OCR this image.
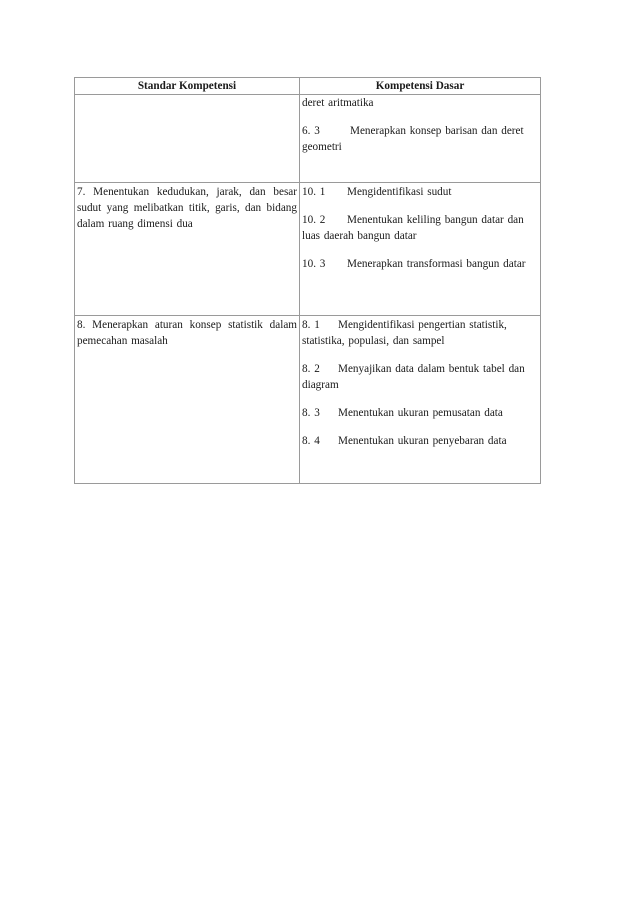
Standar Kompetensi	Kompetensi Dasar

	deret aritmatika
6. 3 Menerapkan konsep barisan dan deret geometri

7. Menentukan kedudukan, jarak, dan besar sudut yang melibatkan titik, garis, dan bidang dalam ruang dimensi dua	10. 1 Mengidentifikasi sudut
10. 2 Menentukan keliling bangun datar dan luas daerah bangun datar
10. 3 Menerapkan transformasi bangun datar

8. Menerapkan aturan konsep statistik dalam pemecahan masalah	8. 1 Mengidentifikasi pengertian statistik, statistika, populasi, dan sampel
8. 2 Menyajikan data dalam bentuk tabel dan diagram
8. 3 Menentukan ukuran pemusatan data
8. 4 Menentukan ukuran penyebaran data
